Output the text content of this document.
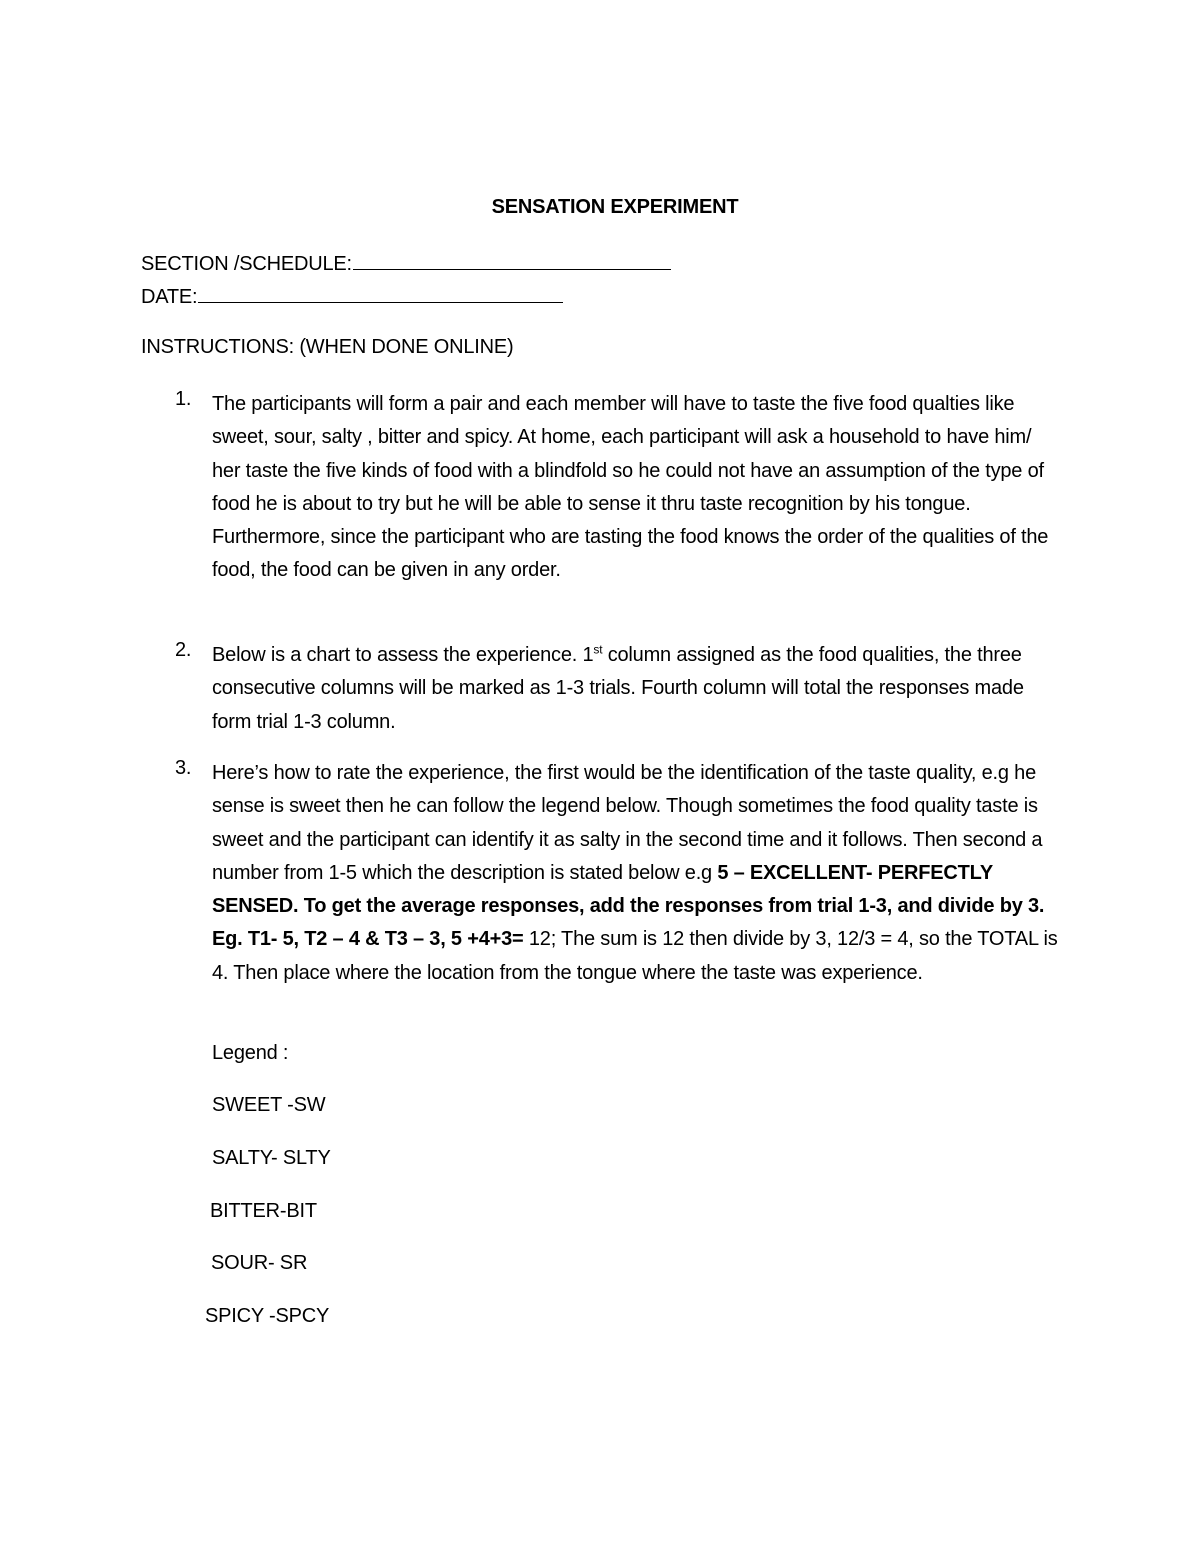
SENSATION EXPERIMENT
SECTION /SCHEDULE:
DATE:
INSTRUCTIONS: (WHEN DONE ONLINE)
1. The participants will form a pair and each member will have to taste the five food qualties like sweet, sour, salty , bitter and spicy. At home, each participant will ask a household to have him/ her taste the five kinds of food with a blindfold so he could not have an assumption of the type of food he is about to try but he will be able to sense it thru taste recognition by his tongue. Furthermore, since the participant who are tasting the food knows the order of the qualities of the food, the food can be given in any order.
2. Below is a chart to assess the experience. 1st column assigned as the food qualities, the three consecutive columns will be marked as 1-3 trials. Fourth column will total the responses made form trial 1-3 column.
3. Here’s how to rate the experience, the first would be the identification of the taste quality, e.g he sense is sweet then he can follow the legend below. Though sometimes the food quality taste is sweet and the participant can identify it as salty in the second time and it follows. Then second a number from 1-5 which the description is stated below e.g 5 – EXCELLENT- PERFECTLY SENSED. To get the average responses, add the responses from trial 1-3, and divide by 3. Eg. T1- 5, T2 – 4 & T3 – 3, 5 +4+3= 12; The sum is 12 then divide by 3, 12/3 = 4, so the TOTAL is 4. Then place where the location from the tongue where the taste was experience.
Legend :
SWEET -SW
SALTY- SLTY
BITTER-BIT
SOUR- SR
SPICY -SPCY
